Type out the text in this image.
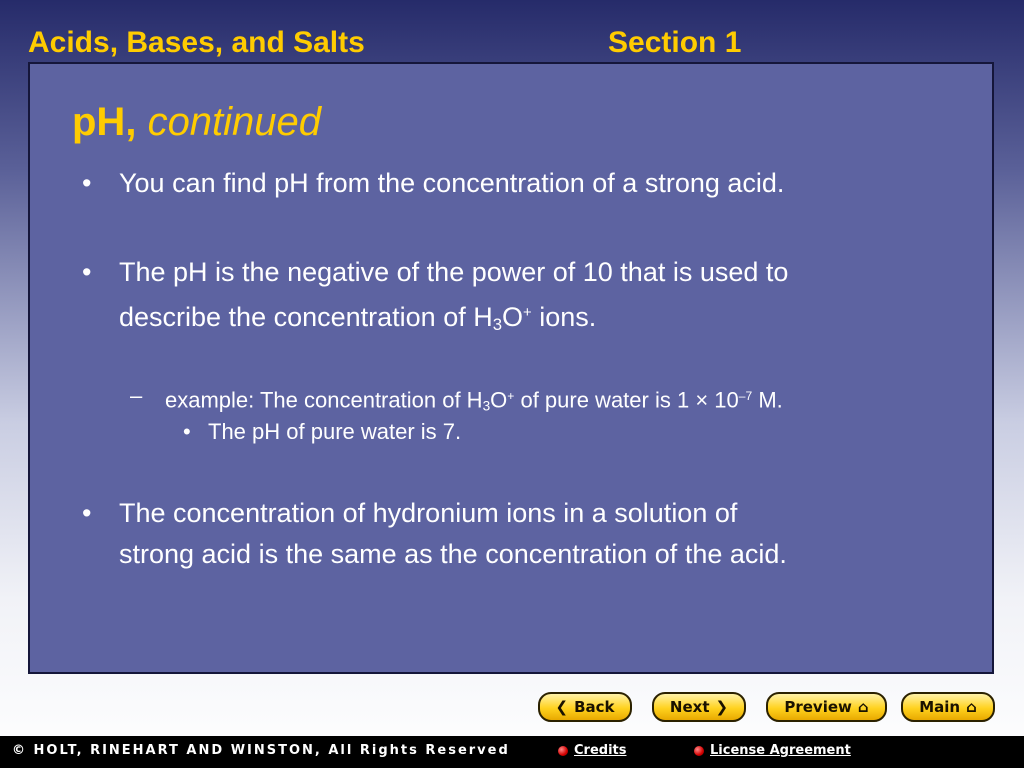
Acids, Bases, and Salts	Section 1
pH, continued
• You can find pH from the concentration of a strong acid.
• The pH is the negative of the power of 10 that is used to
describe the concentration of $H_3O^+$ ions.
– example: The concentration of $H_3O^+$ of pure water is $1 \times 10^{-7}$ M.
• The pH of pure water is 7.
• The concentration of hydronium ions in a solution of
strong acid is the same as the concentration of the acid.
❮ Back	Next ❯	Preview ⌂	Main ⌂
© HOLT, RINEHART AND WINSTON, All Rights Reserved	Credits	License Agreement
